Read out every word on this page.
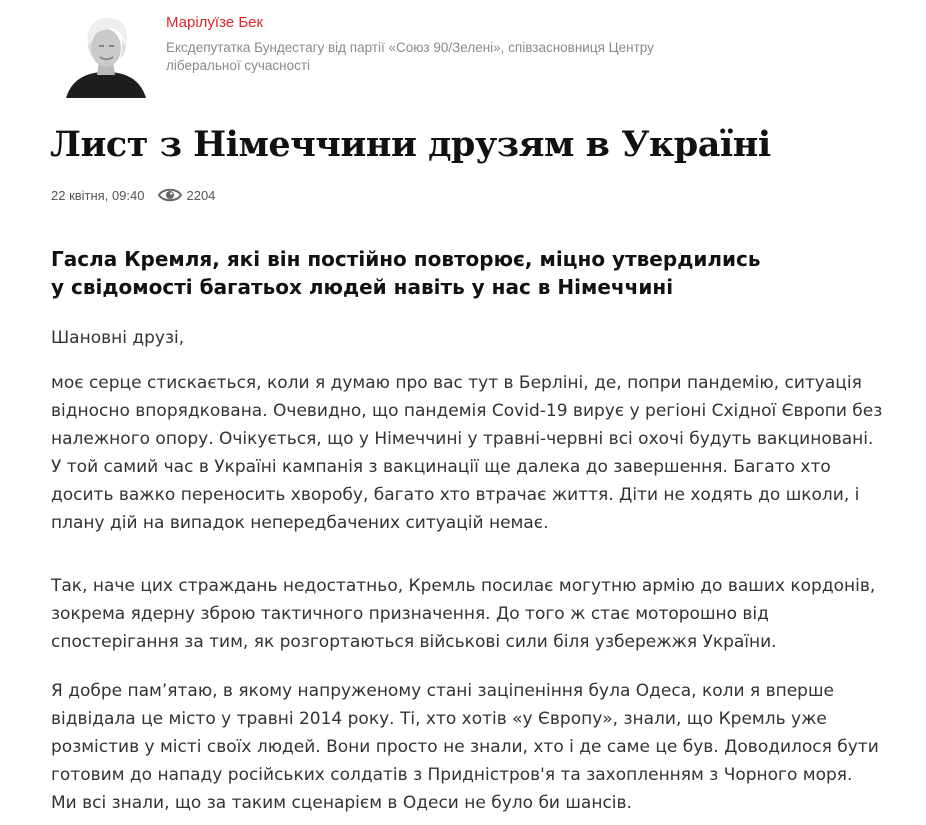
Марілуїзе Бек
Ексдепутатка Бундестагу від партії «Союз 90/Зелені», співзасновниця Центру ліберальної сучасності
Лист з Німеччини друзям в Україні
22 квітня, 09:40	2204
Гасла Кремля, які він постійно повторює, міцно утвердились
у свідомості багатьох людей навіть у нас в Німеччині

Шановні друзі,

моє серце стискається, коли я думаю про вас тут в Берліні, де, попри пандемію, ситуація
відносно впорядкована. Очевидно, що пандемія Covid-19 вирує у регіоні Східної Європи без
належного опору. Очікується, що у Німеччині у травні-червні всі охочі будуть вакциновані.
У той самий час в Україні кампанія з вакцинації ще далека до завершення. Багато хто
досить важко переносить хворобу, багато хто втрачає життя. Діти не ходять до школи, і
плану дій на випадок непередбачених ситуацій немає.

Так, наче цих страждань недостатньо, Кремль посилає могутню армію до ваших кордонів,
зокрема ядерну зброю тактичного призначення. До того ж стає моторошно від
спостерігання за тим, як розгортаються військові сили біля узбережжя України.

Я добре пам’ятаю, в якому напруженому стані заціпеніння була Одеса, коли я вперше
відвідала це місто у травні 2014 року. Ті, хто хотів «у Європу», знали, що Кремль уже
розмістив у місті своїх людей. Вони просто не знали, хто і де саме це був. Доводилося бути
готовим до нападу російських солдатів з Придністров'я та захопленням з Чорного моря.
Ми всі знали, що за таким сценарієм в Одеси не було би шансів.
